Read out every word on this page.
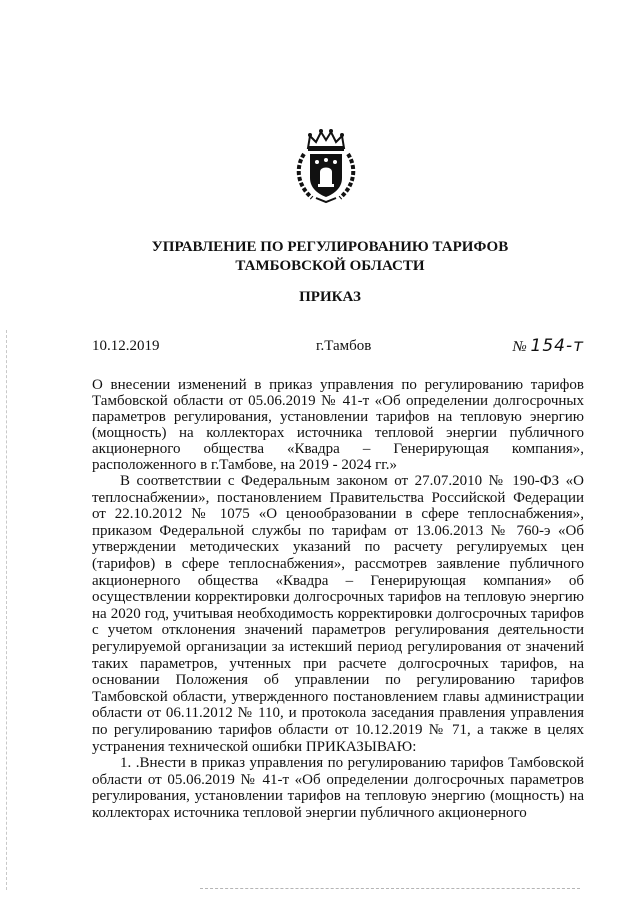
УПРАВЛЕНИЕ ПО РЕГУЛИРОВАНИЮ ТАРИФОВ
ТАМБОВСКОЙ ОБЛАСТИ
ПРИКАЗ
10.12.2019	г.Тамбов	№ 154-т
О внесении изменений в приказ управления по регулированию тарифов Тамбовской области от 05.06.2019 № 41-т «Об определении долгосрочных параметров регулирования, установлении тарифов на тепловую энергию (мощность) на коллекторах источника тепловой энергии публичного акционерного общества «Квадра – Генерирующая компания», расположенного в г.Тамбове, на 2019 - 2024 гг.»

В соответствии с Федеральным законом от 27.07.2010 № 190-ФЗ «О теплоснабжении», постановлением Правительства Российской Федерации от 22.10.2012 № 1075 «О ценообразовании в сфере теплоснабжения», приказом Федеральной службы по тарифам от 13.06.2013 № 760-э «Об утверждении методических указаний по расчету регулируемых цен (тарифов) в сфере теплоснабжения», рассмотрев заявление публичного акционерного общества «Квадра – Генерирующая компания» об осуществлении корректировки долгосрочных тарифов на тепловую энергию на 2020 год, учитывая необходимость корректировки долгосрочных тарифов с учетом отклонения значений параметров регулирования деятельности регулируемой организации за истекший период регулирования от значений таких параметров, учтенных при расчете долгосрочных тарифов, на основании Положения об управлении по регулированию тарифов Тамбовской области, утвержденного постановлением главы администрации области от 06.11.2012 № 110, и протокола заседания правления управления по регулированию тарифов области от 10.12.2019 № 71, а также в целях устранения технической ошибки ПРИКАЗЫВАЮ:

1. .Внести в приказ управления по регулированию тарифов Тамбовской области от 05.06.2019 № 41-т «Об определении долгосрочных параметров регулирования, установлении тарифов на тепловую энергию (мощность) на коллекторах источника тепловой энергии публичного акционерного
